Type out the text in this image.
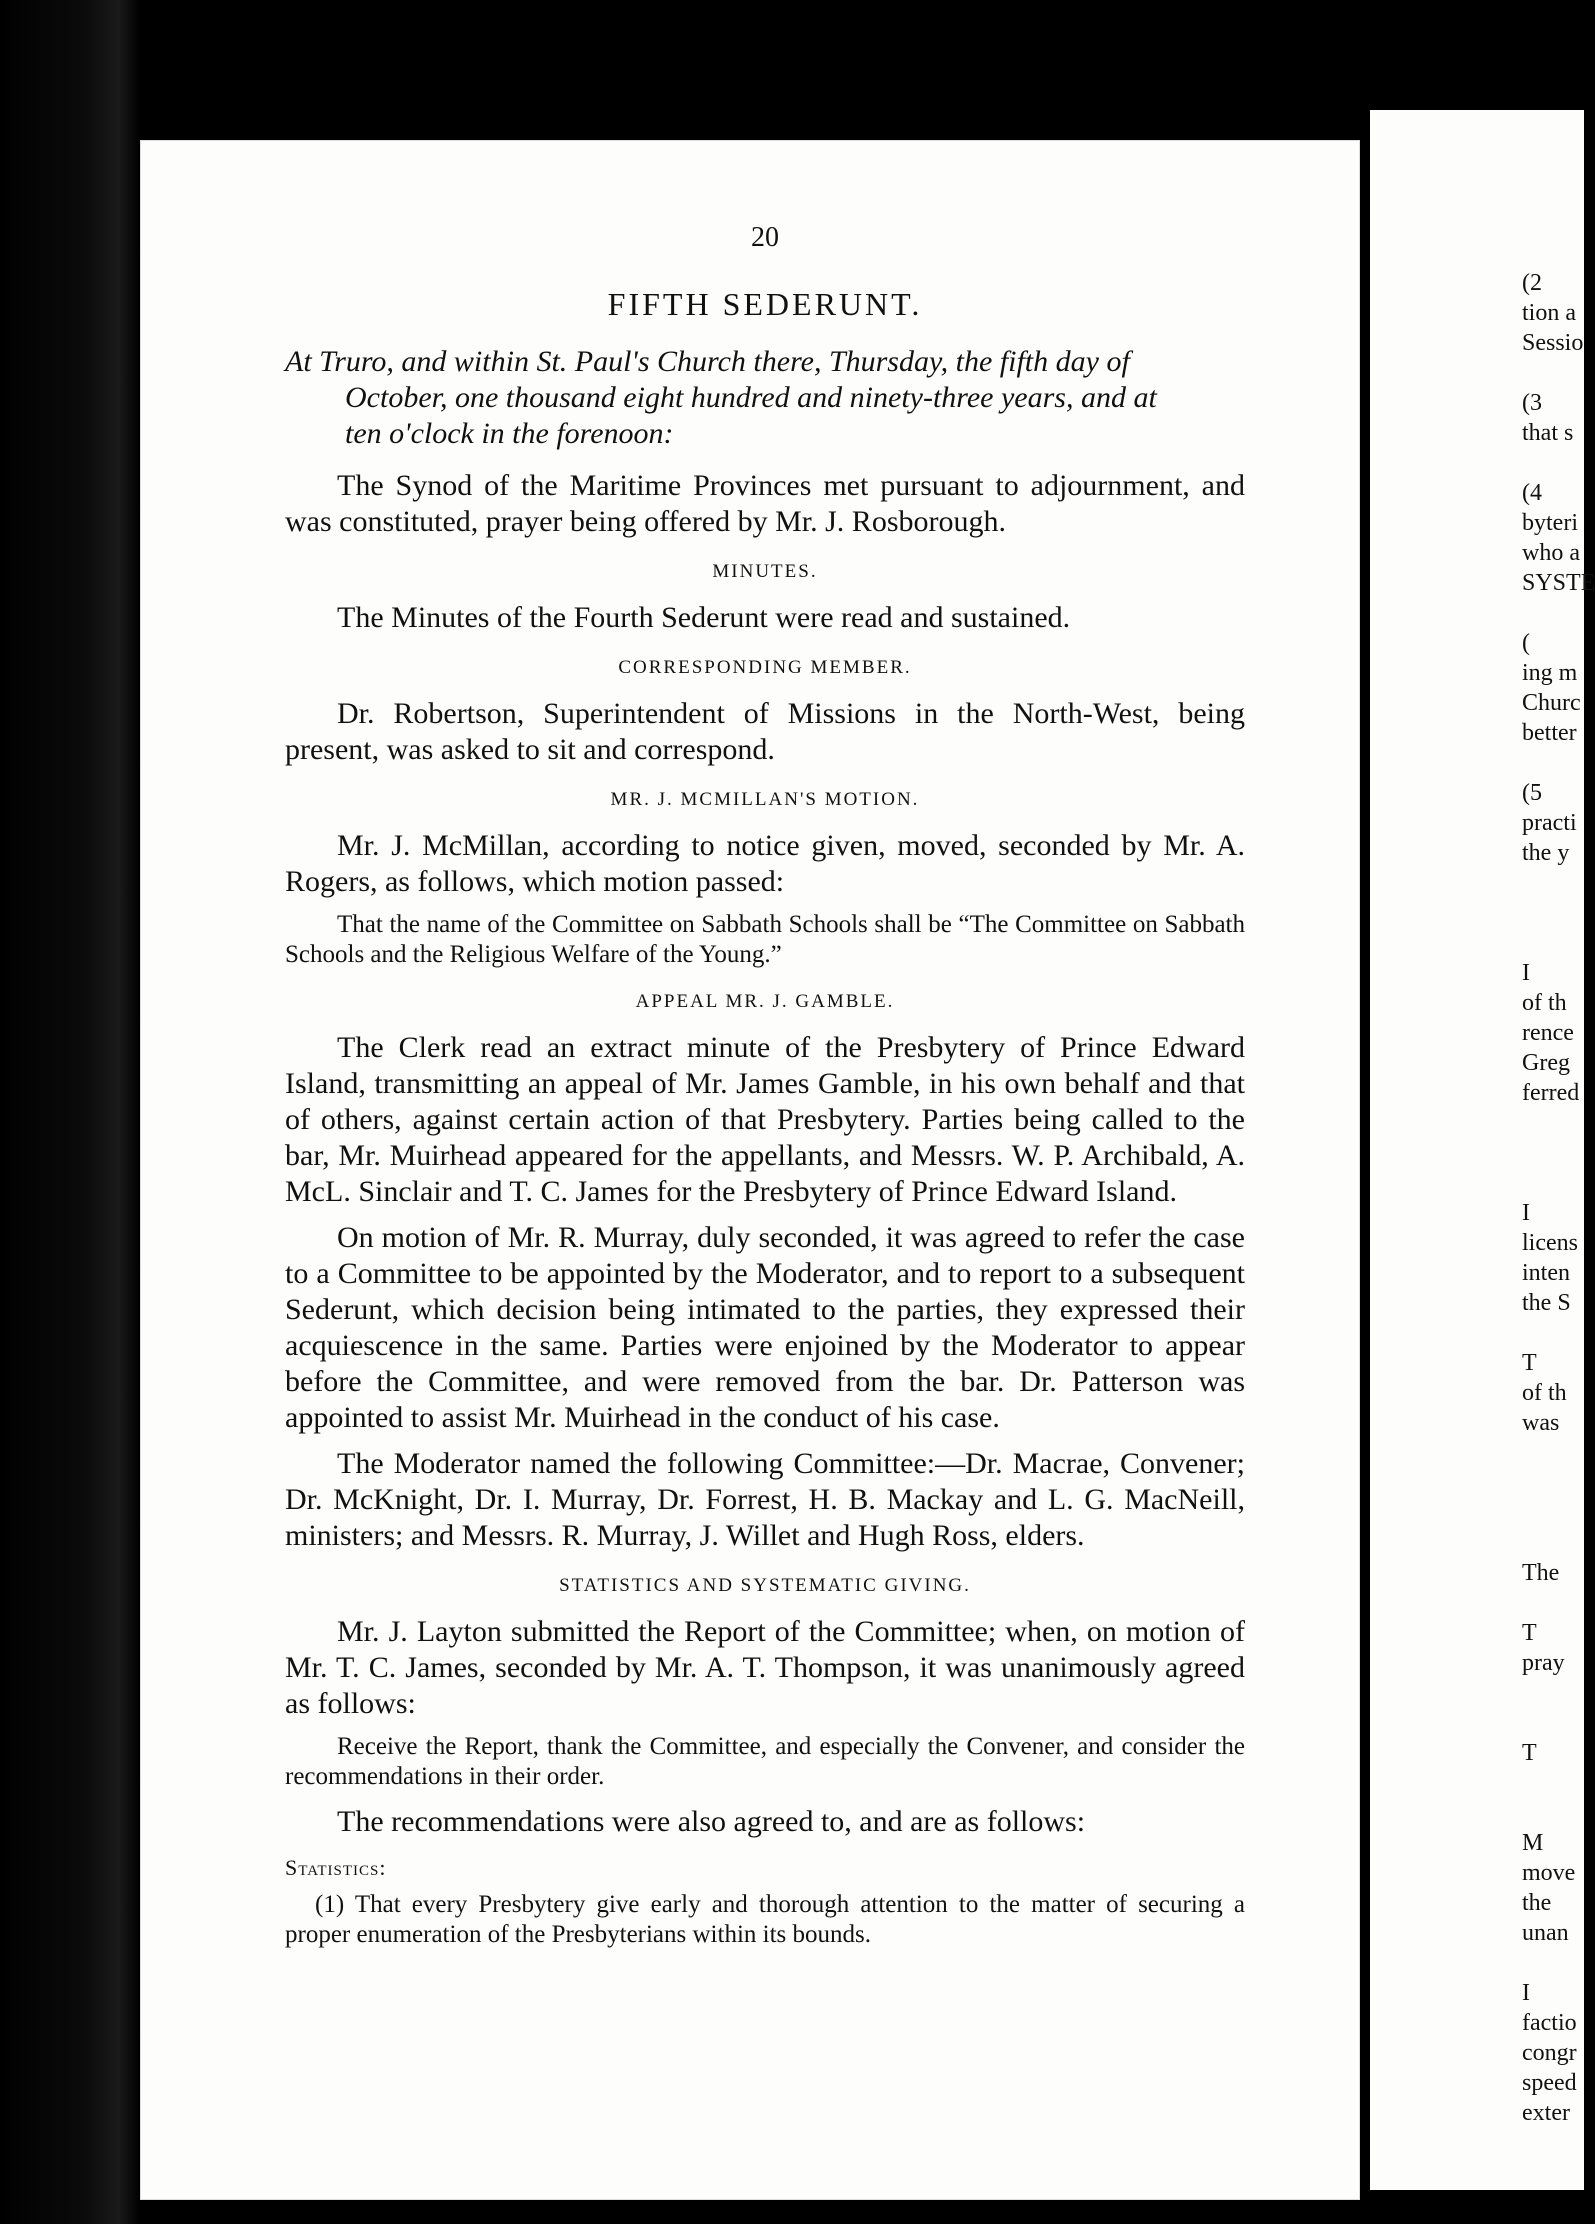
20
FIFTH SEDERUNT.
At Truro, and within St. Paul's Church there, Thursday, the fifth day of
October, one thousand eight hundred and ninety-three years, and at
ten o'clock in the forenoon:

The Synod of the Maritime Provinces met pursuant to adjournment, and was constituted, prayer being offered by Mr. J. Rosborough.

MINUTES.

The Minutes of the Fourth Sederunt were read and sustained.

CORRESPONDING MEMBER.

Dr. Robertson, Superintendent of Missions in the North-West, being present, was asked to sit and correspond.

MR. J. MCMILLAN'S MOTION.

Mr. J. McMillan, according to notice given, moved, seconded by Mr. A. Rogers, as follows, which motion passed:

That the name of the Committee on Sabbath Schools shall be “The Committee on Sabbath Schools and the Religious Welfare of the Young.”
APPEAL MR. J. GAMBLE.

The Clerk read an extract minute of the Presbytery of Prince Edward Island, transmitting an appeal of Mr. James Gamble, in his own behalf and that of others, against certain action of that Presbytery. Parties being called to the bar, Mr. Muirhead appeared for the appellants, and Messrs. W. P. Archibald, A. McL. Sinclair and T. C. James for the Presbytery of Prince Edward Island.

On motion of Mr. R. Murray, duly seconded, it was agreed to refer the case to a Committee to be appointed by the Moderator, and to report to a subsequent Sederunt, which decision being intimated to the parties, they expressed their acquiescence in the same. Parties were enjoined by the Moderator to appear before the Committee, and were removed from the bar. Dr. Patterson was appointed to assist Mr. Muirhead in the conduct of his case.

The Moderator named the following Committee:—Dr. Macrae, Convener; Dr. McKnight, Dr. I. Murray, Dr. Forrest, H. B. Mackay and L. G. MacNeill, ministers; and Messrs. R. Murray, J. Willet and Hugh Ross, elders.

STATISTICS AND SYSTEMATIC GIVING.

Mr. J. Layton submitted the Report of the Committee; when, on motion of Mr. T. C. James, seconded by Mr. A. T. Thompson, it was unanimously agreed as follows:

Receive the Report, thank the Committee, and especially the Convener, and consider the recommendations in their order.

The recommendations were also agreed to, and are as follows:

Statistics:
(1) That every Presbytery give early and thorough attention to the matter of securing a proper enumeration of the Presbyterians within its bounds.
(2
tion a
Sessio
(3
that s
(4
byteri
who a
SYSTE
(
ing m
Churc
better
(5
practi
the y
I
of th
rence
Greg
ferred
I
licens
inten
the S
T
of th
was
The
T
pray
T
M
move
the
unan
I
factio
congr
speed
exter
